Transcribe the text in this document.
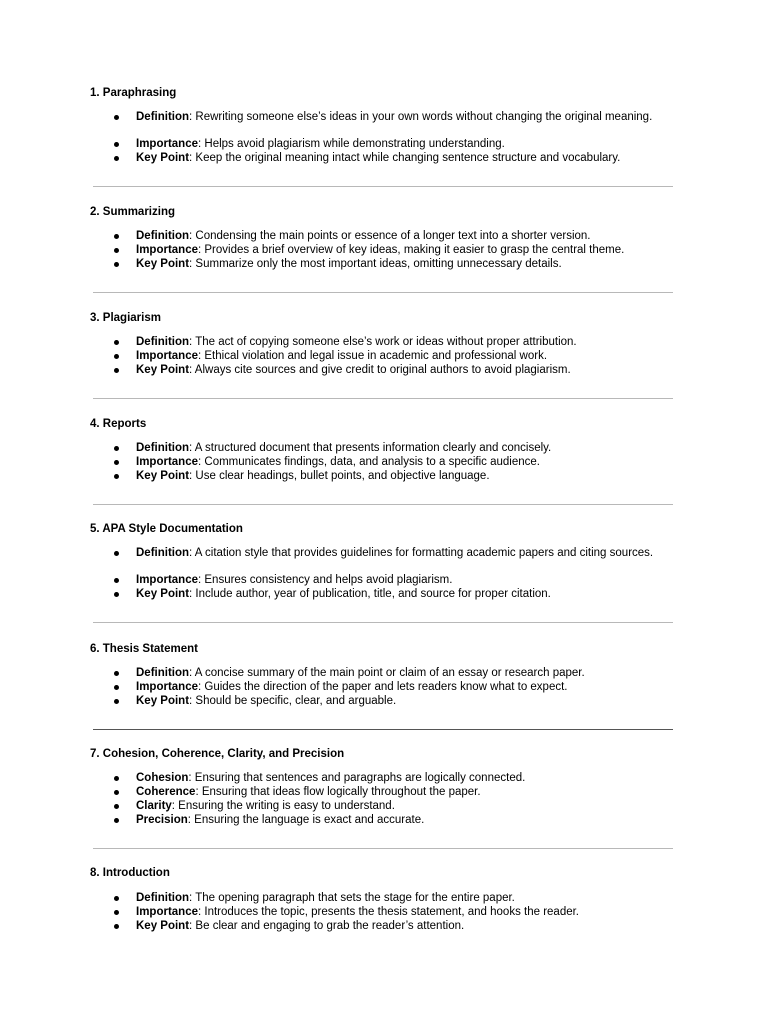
1. Paraphrasing
Definition: Rewriting someone else’s ideas in your own words without changing the original meaning.
Importance: Helps avoid plagiarism while demonstrating understanding.
Key Point: Keep the original meaning intact while changing sentence structure and vocabulary.
2. Summarizing
Definition: Condensing the main points or essence of a longer text into a shorter version.
Importance: Provides a brief overview of key ideas, making it easier to grasp the central theme.
Key Point: Summarize only the most important ideas, omitting unnecessary details.
3. Plagiarism
Definition: The act of copying someone else’s work or ideas without proper attribution.
Importance: Ethical violation and legal issue in academic and professional work.
Key Point: Always cite sources and give credit to original authors to avoid plagiarism.
4. Reports
Definition: A structured document that presents information clearly and concisely.
Importance: Communicates findings, data, and analysis to a specific audience.
Key Point: Use clear headings, bullet points, and objective language.
5. APA Style Documentation
Definition: A citation style that provides guidelines for formatting academic papers and citing sources.
Importance: Ensures consistency and helps avoid plagiarism.
Key Point: Include author, year of publication, title, and source for proper citation.
6. Thesis Statement
Definition: A concise summary of the main point or claim of an essay or research paper.
Importance: Guides the direction of the paper and lets readers know what to expect.
Key Point: Should be specific, clear, and arguable.
7. Cohesion, Coherence, Clarity, and Precision
Cohesion: Ensuring that sentences and paragraphs are logically connected.
Coherence: Ensuring that ideas flow logically throughout the paper.
Clarity: Ensuring the writing is easy to understand.
Precision: Ensuring the language is exact and accurate.
8. Introduction
Definition: The opening paragraph that sets the stage for the entire paper.
Importance: Introduces the topic, presents the thesis statement, and hooks the reader.
Key Point: Be clear and engaging to grab the reader’s attention.
